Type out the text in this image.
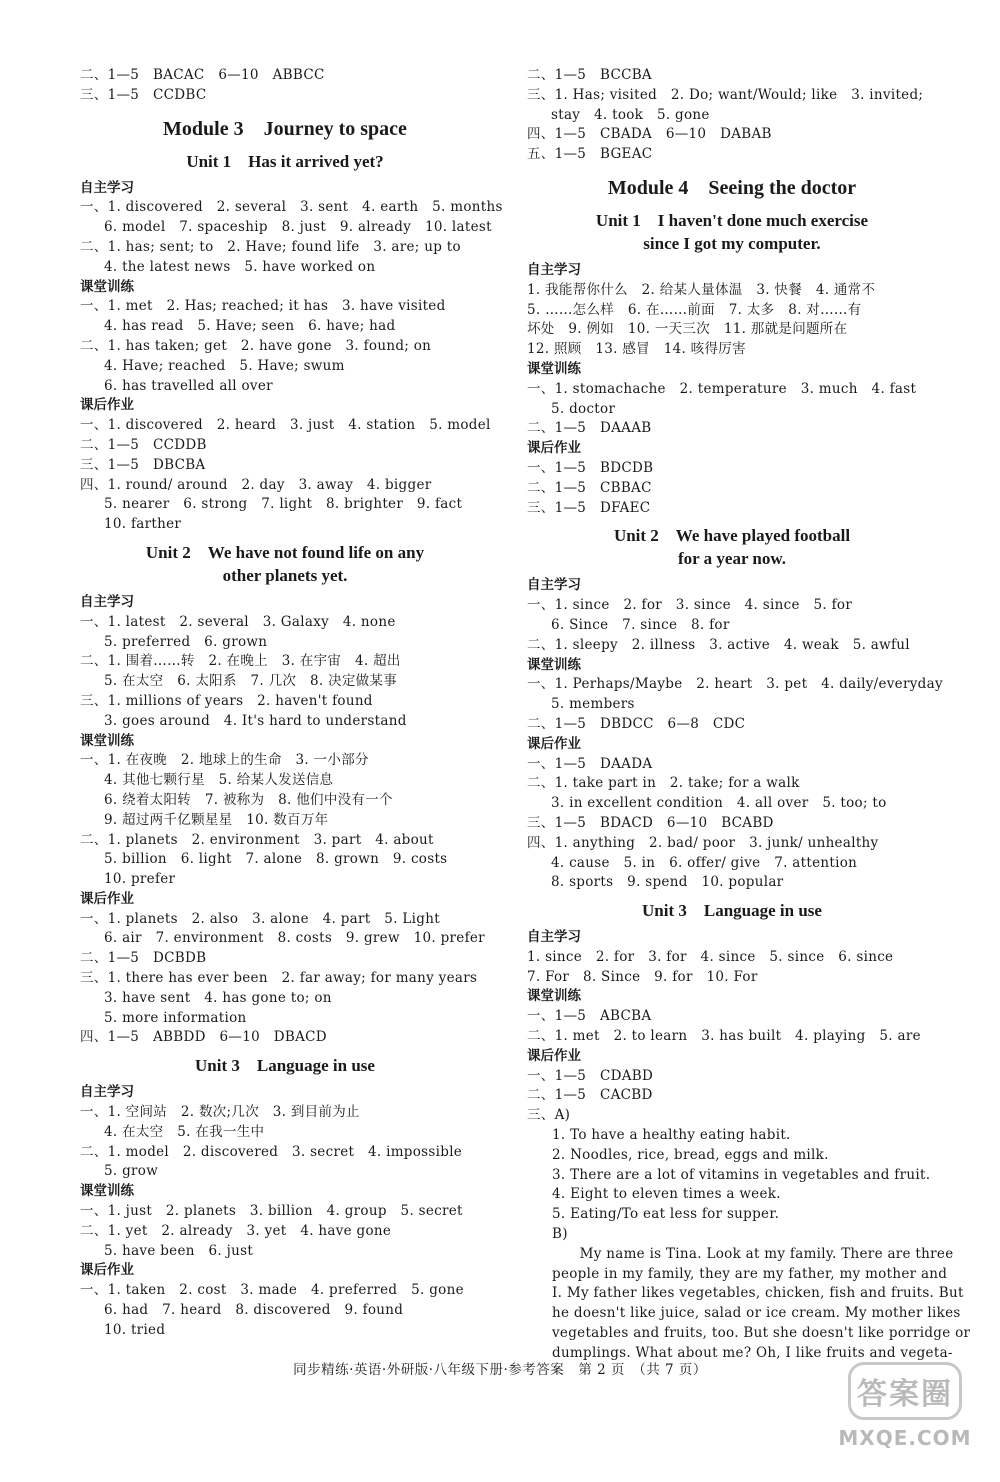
二、1—5　BACAC　6—10　ABBCC
三、1—5　CCDBC
Module 3　Journey to space
Unit 1　Has it arrived yet?
自主学习
一、1. discovered　2. several　3. sent　4. earth　5. months
6. model　7. spaceship　8. just　9. already　10. latest
二、1. has; sent; to　2. Have; found life　3. are; up to
4. the latest news　5. have worked on
课堂训练
一、1. met　2. Has; reached; it has　3. have visited
4. has read　5. Have; seen　6. have; had
二、1. has taken; get　2. have gone　3. found; on
4. Have; reached　5. Have; swum
6. has travelled all over
课后作业
一、1. discovered　2. heard　3. just　4. station　5. model
二、1—5　CCDDB
三、1—5　DBCBA
四、1. round/ around　2. day　3. away　4. bigger
5. nearer　6. strong　7. light　8. brighter　9. fact
10. farther
Unit 2　We have not found life on any
other planets yet.
自主学习
一、1. latest　2. several　3. Galaxy　4. none
5. preferred　6. grown
二、1. 围着……转　2. 在晚上　3. 在宇宙　4. 超出
5. 在太空　6. 太阳系　7. 几次　8. 决定做某事
三、1. millions of years　2. haven't found
3. goes around　4. It's hard to understand
课堂训练
一、1. 在夜晚　2. 地球上的生命　3. 一小部分
4. 其他七颗行星　5. 给某人发送信息
6. 绕着太阳转　7. 被称为　8. 他们中没有一个
9. 超过两千亿颗星星　10. 数百万年
二、1. planets　2. environment　3. part　4. about
5. billion　6. light　7. alone　8. grown　9. costs
10. prefer
课后作业
一、1. planets　2. also　3. alone　4. part　5. Light
6. air　7. environment　8. costs　9. grew　10. prefer
二、1—5　DCBDB
三、1. there has ever been　2. far away; for many years
3. have sent　4. has gone to; on
5. more information
四、1—5　ABBDD　6—10　DBACD
Unit 3　Language in use
自主学习
一、1. 空间站　2. 数次;几次　3. 到目前为止
4. 在太空　5. 在我一生中
二、1. model　2. discovered　3. secret　4. impossible
5. grow
课堂训练
一、1. just　2. planets　3. billion　4. group　5. secret
二、1. yet　2. already　3. yet　4. have gone
5. have been　6. just
课后作业
一、1. taken　2. cost　3. made　4. preferred　5. gone
6. had　7. heard　8. discovered　9. found
10. tried
二、1—5　BCCBA
三、1. Has; visited　2. Do; want/Would; like　3. invited;
stay　4. took　5. gone
四、1—5　CBADA　6—10　DABAB
五、1—5　BGEAC
Module 4　Seeing the doctor
Unit 1　I haven't done much exercise
since I got my computer.
自主学习
1. 我能帮你什么　2. 给某人量体温　3. 快餐　4. 通常不
5. ……怎么样　6. 在……前面　7. 太多　8. 对……有
坏处　9. 例如　10. 一天三次　11. 那就是问题所在
12. 照顾　13. 感冒　14. 咳得厉害
课堂训练
一、1. stomachache　2. temperature　3. much　4. fast
5. doctor
二、1—5　DAAAB
课后作业
一、1—5　BDCDB
二、1—5　CBBAC
三、1—5　DFAEC
Unit 2　We have played football
for a year now.
自主学习
一、1. since　2. for　3. since　4. since　5. for
6. Since　7. since　8. for
二、1. sleepy　2. illness　3. active　4. weak　5. awful
课堂训练
一、1. Perhaps/Maybe　2. heart　3. pet　4. daily/everyday
5. members
二、1—5　DBDCC　6—8　CDC
课后作业
一、1—5　DAADA
二、1. take part in　2. take; for a walk
3. in excellent condition　4. all over　5. too; to
三、1—5　BDACD　6—10　BCABD
四、1. anything　2. bad/ poor　3. junk/ unhealthy
4. cause　5. in　6. offer/ give　7. attention
8. sports　9. spend　10. popular
Unit 3　Language in use
自主学习
1. since　2. for　3. for　4. since　5. since　6. since
7. For　8. Since　9. for　10. For
课堂训练
一、1—5　ABCBA
二、1. met　2. to learn　3. has built　4. playing　5. are
课后作业
一、1—5　CDABD
二、1—5　CACBD
三、A)
1. To have a healthy eating habit.
2. Noodles, rice, bread, eggs and milk.
3. There are a lot of vitamins in vegetables and fruit.
4. Eight to eleven times a week.
5. Eating/To eat less for supper.
B)
　　My name is Tina. Look at my family. There are three
people in my family, they are my father, my mother and
I. My father likes vegetables, chicken, fish and fruits. But
he doesn't like juice, salad or ice cream. My mother likes
vegetables and fruits, too. But she doesn't like porridge or
dumplings. What about me? Oh, I like fruits and vegeta-
同步精练·英语·外研版·八年级下册·参考答案　第 2 页　（共 7 页）
答案圈
MXQE.COM
